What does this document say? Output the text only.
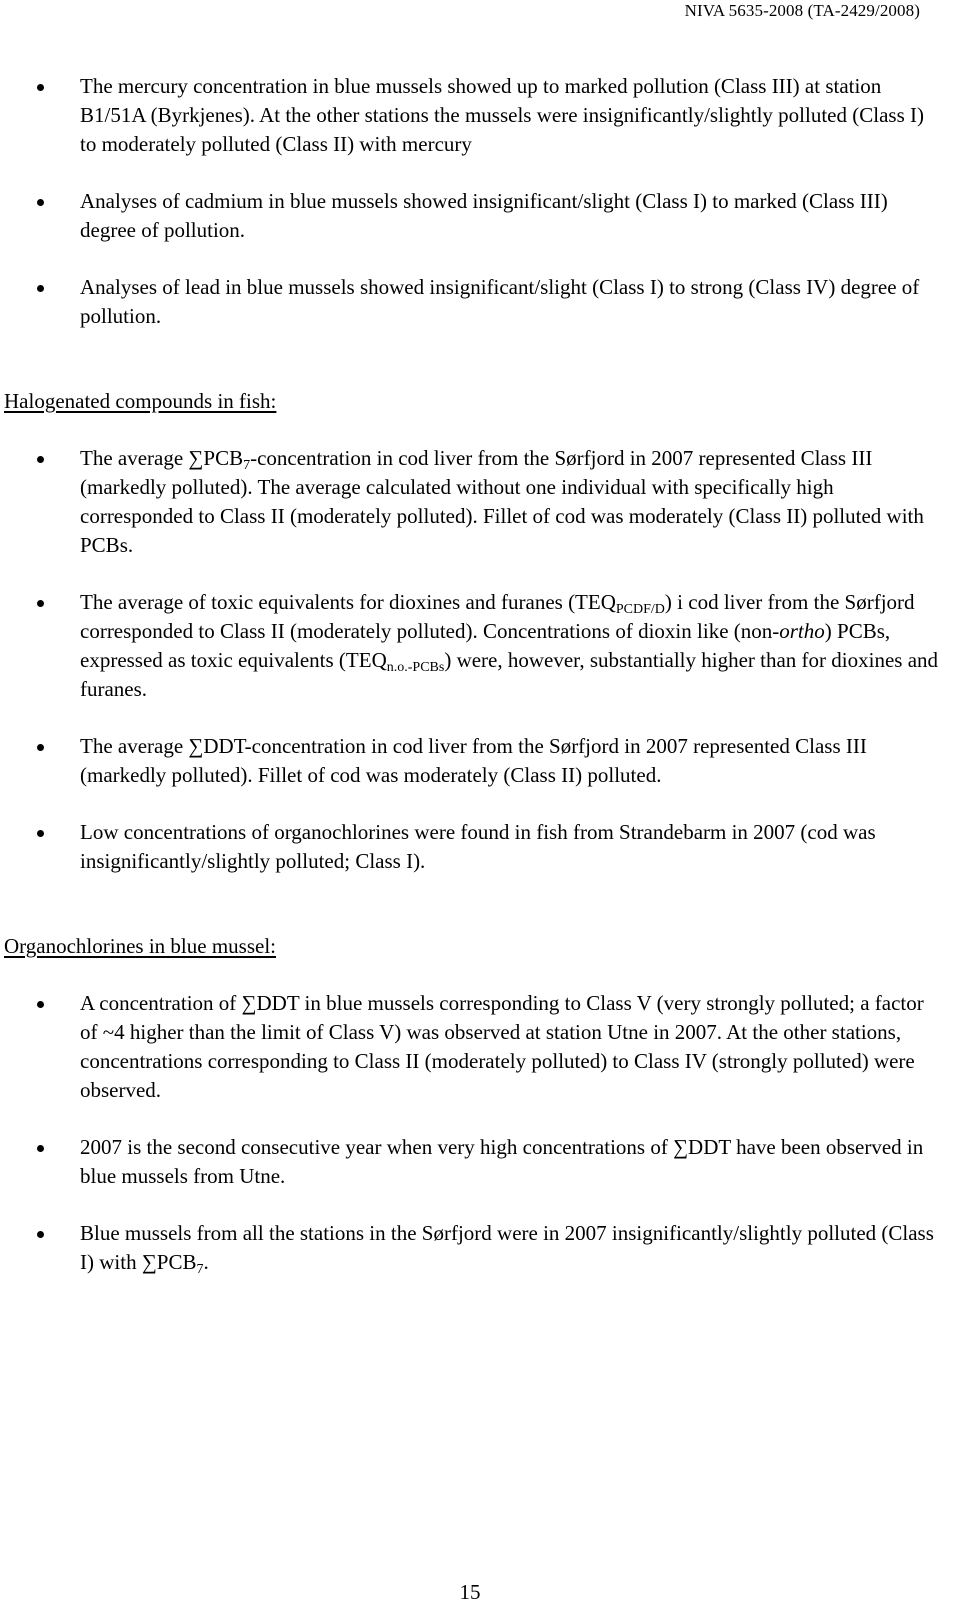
NIVA 5635-2008 (TA-2429/2008)
The mercury concentration in blue mussels showed up to marked pollution (Class III) at station B1/51A (Byrkjenes). At the other stations the mussels were insignificantly/slightly polluted (Class I) to moderately polluted (Class II) with mercury
Analyses of cadmium in blue mussels showed insignificant/slight (Class I) to marked (Class III) degree of pollution.
Analyses of lead in blue mussels showed insignificant/slight (Class I) to strong (Class IV) degree of pollution.
Halogenated compounds in fish:
The average $\sum PCB_7$-concentration in cod liver from the Sørfjord in 2007 represented Class III (markedly polluted). The average calculated without one individual with specifically high corresponded to Class II (moderately polluted). Fillet of cod was moderately (Class II) polluted with PCBs.
The average of toxic equivalents for dioxines and furanes $(TEQ_{PCDF/D})$ i cod liver from the Sørfjord corresponded to Class II (moderately polluted). Concentrations of dioxin like (non-ortho) PCBs, expressed as toxic equivalents $(TEQ_{n.o.-PCBs})$ were, however, substantially higher than for dioxines and furanes.
The average ∑DDT-concentration in cod liver from the Sørfjord in 2007 represented Class III (markedly polluted). Fillet of cod was moderately (Class II) polluted.
Low concentrations of organochlorines were found in fish from Strandebarm in 2007 (cod was insignificantly/slightly polluted; Class I).
Organochlorines in blue mussel:
A concentration of ∑DDT in blue mussels corresponding to Class V (very strongly polluted; a factor of ~4 higher than the limit of Class V) was observed at station Utne in 2007. At the other stations, concentrations corresponding to Class II (moderately polluted) to Class IV (strongly polluted) were observed.
2007 is the second consecutive year when very high concentrations of ∑DDT have been observed in blue mussels from Utne.
Blue mussels from all the stations in the Sørfjord were in 2007 insignificantly/slightly polluted (Class I) with $\sum PCB_7$.
15
